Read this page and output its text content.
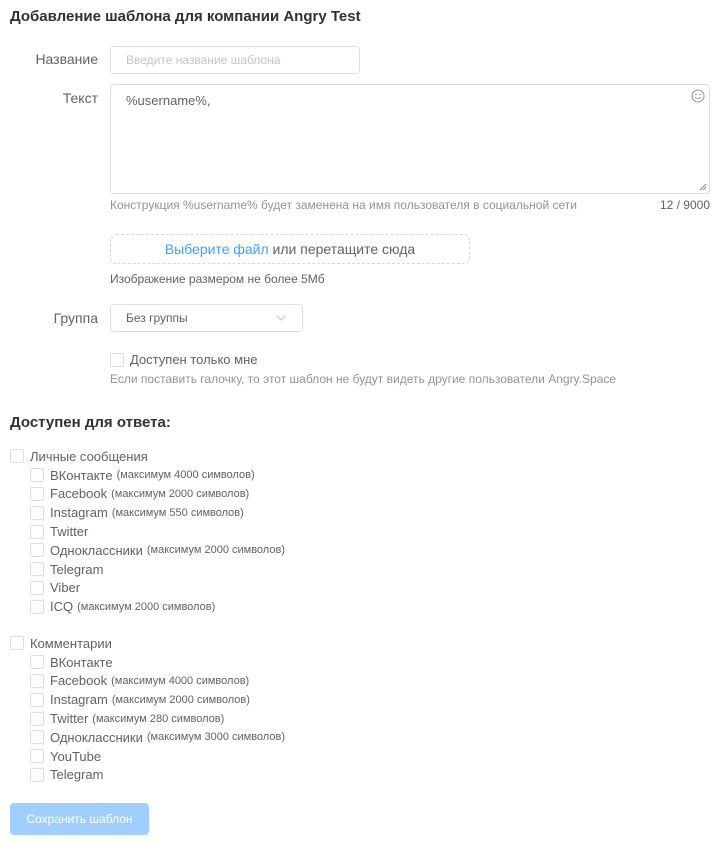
Добавление шаблона для компании Angry Test
Название
Введите название шаблона
Текст
%username%,
Конструкция %username% будет заменена на имя пользователя в социальной сети	12 / 9000
Выберите файл или перетащите сюда
Изображение размером не более 5Мб
Группа Без группы
Доступен только мне
Если поставить галочку, то этот шаблон не будут видеть другие пользователи Angry.Space
Доступен для ответа:
Личные сообщения
ВКонтакте (максимум 4000 символов)
Facebook (максимум 2000 символов)
Instagram (максимум 550 символов)
Twitter
Одноклассники (максимум 2000 символов)
Telegram
Viber
ICQ (максимум 2000 символов)
Комментарии
ВКонтакте
Facebook (максимум 4000 символов)
Instagram (максимум 2000 символов)
Twitter (максимум 280 символов)
Одноклассники (максимум 3000 символов)
YouTube
Telegram
Сохранить шаблон
